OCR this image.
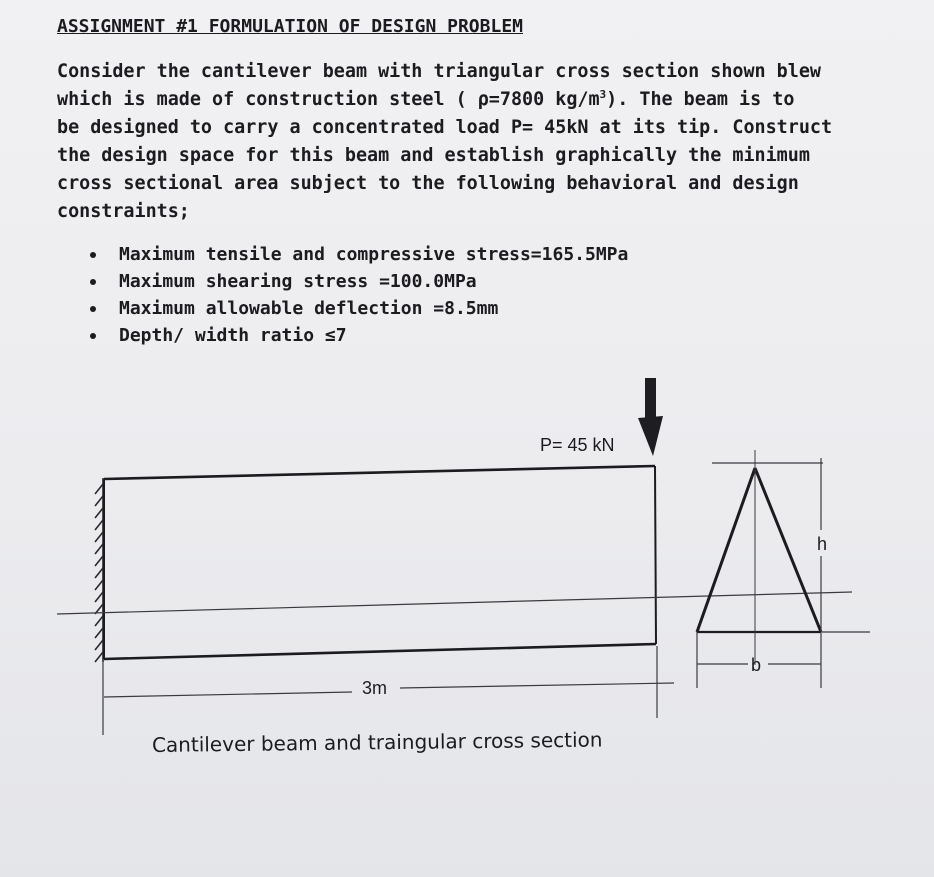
ASSIGNMENT #1 FORMULATION OF DESIGN PROBLEM

Consider the cantilever beam with triangular cross section shown blew
which is made of construction steel ( ρ=7800 $kg/m^3$). The beam is to
be designed to carry a concentrated load P= 45kN at its tip. Construct
the design space for this beam and establish graphically the minimum
cross sectional area subject to the following behavioral and design
constraints;

Maximum tensile and compressive stress=165.5MPa
Maximum shearing stress =100.0MPa
Maximum allowable deflection =8.5mm
Depth/ width ratio ≤7
P= 45 kN
3m
h
b
Cantilever beam and traingular cross section
